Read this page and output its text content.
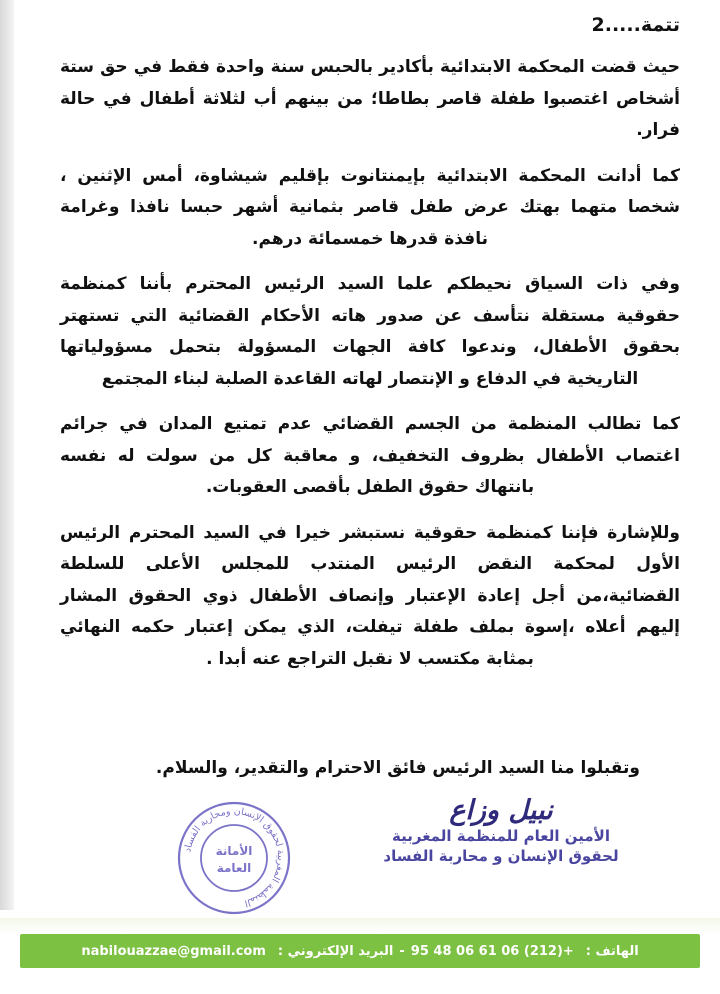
تتمة.....2

حيث قضت المحكمة الابتدائية بأكادير بالحبس سنة واحدة فقط في حق ستة أشخاص اغتصبوا طفلة قاصر بطاطا؛ من بينهم أب لثلاثة أطفال في حالة فرار.

كما أدانت المحكمة الابتدائية بإيمنتانوت بإقليم شيشاوة، أمس الإثنين ، شخصا متهما بهتك عرض طفل قاصر بثمانية أشهر حبسا نافذا وغرامة نافذة قدرها خمسمائة درهم.

وفي ذات السياق نحيطكم علما السيد الرئيس المحترم بأننا كمنظمة حقوقية مستقلة نتأسف عن صدور هاته الأحكام القضائية التي تستهتر بحقوق الأطفال، وندعوا كافة الجهات المسؤولة بتحمل مسؤولياتها التاريخية في الدفاع و الإنتصار لهاته القاعدة الصلبة لبناء المجتمع

كما تطالب المنظمة من الجسم القضائي عدم تمتيع المدان في جرائم اغتصاب الأطفال بظروف التخفيف، و معاقبة كل من سولت له نفسه بانتهاك حقوق الطفل بأقصى العقوبات.

وللإشارة فإننا كمنظمة حقوقية نستبشر خيرا في السيد المحترم الرئيس الأول لمحكمة النقض الرئيس المنتدب للمجلس الأعلى للسلطة القضائية،من أجل إعادة الإعتبار وإنصاف الأطفال ذوي الحقوق المشار إليهم أعلاه ،إسوة بملف طفلة تيفلت، الذي يمكن إعتبار حكمه النهائي بمثابة مكتسب لا نقبل التراجع عنه أبدا .

وتقبلوا منا السيد الرئيس فائق الاحترام والتقدير، والسلام.
المنظمة المغربية لحقوق الإنسان ومحاربة الفساد
الأمانة
العامة
نبيل وزاع
الأمين العام للمنظمة المغربية
لحقوق الإنسان و محاربة الفساد
الهاتف :
95 48 06 61 06 (212)+
-
البريد الإلكتروني :
nabilouazzae@gmail.com
